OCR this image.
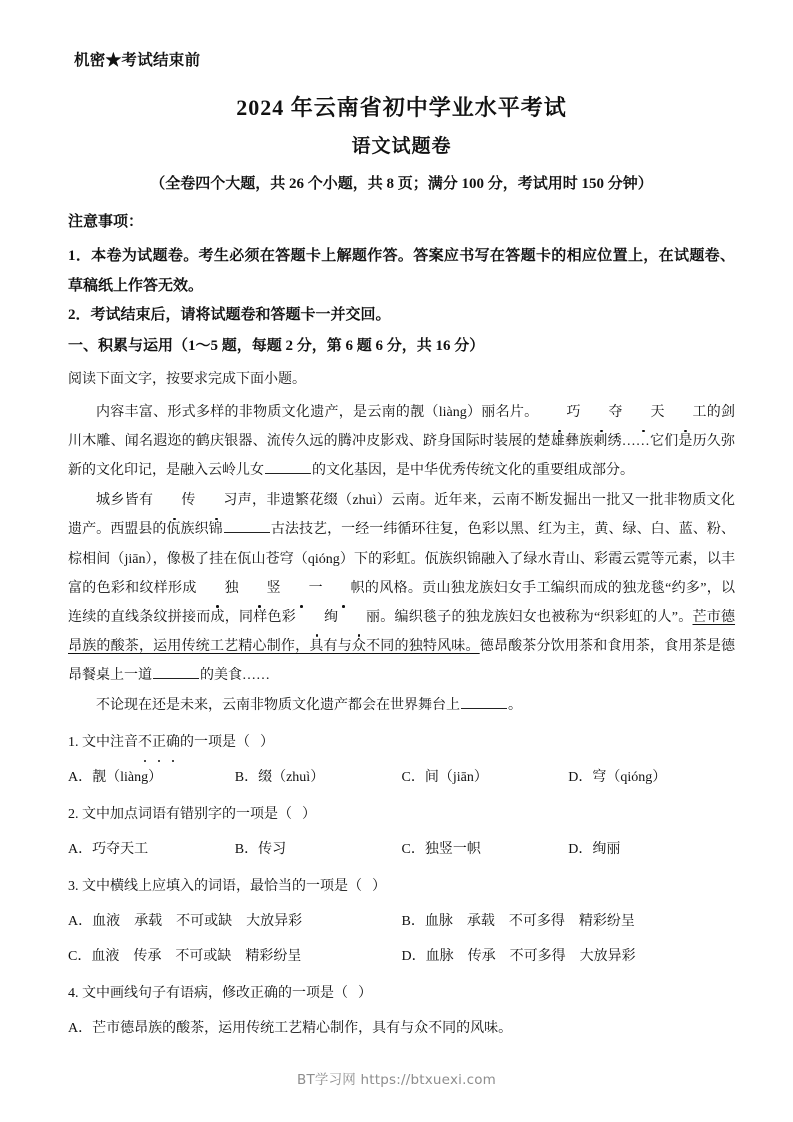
机密★考试结束前
2024 年云南省初中学业水平考试
语文试题卷
（全卷四个大题，共 26 个小题，共 8 页；满分 100 分，考试用时 150 分钟）
注意事项：

1．本卷为试题卷。考生必须在答题卡上解题作答。答案应书写在答题卡的相应位置上，在试题卷、草稿纸上作答无效。

2．考试结束后，请将试题卷和答题卡一并交回。

一、积累与运用（1～5 题，每题 2 分，第 6 题 6 分，共 16 分）
阅读下面文字，按要求完成下面小题。

内容丰富、形式多样的非物质文化遗产，是云南的靓（liàng）丽名片。 巧 夺 天 工的剑川木雕、闻名遐迩的鹤庆银器、流传久远的腾冲皮影戏、跻身国际时装展的楚雄彝族刺绣……它们是历久弥新的文化印记，是融入云岭儿女	的文化基因，是中华优秀传统文化的重要组成部分。

城乡皆有 传 习声，非遗繁花缀（zhuì）云南。近年来，云南不断发掘出一批又一批非物质文化遗产。西盟县的佤族织锦	古法技艺，一经一纬循环往复，色彩以黑、红为主，黄、绿、白、蓝、粉、棕相间（jiān），像极了挂在佤山苍穹（qióng）下的彩虹。佤族织锦融入了绿水青山、彩霞云霓等元素，以丰富的色彩和纹样形成 独 竖 一 帜的风格。贡山独龙族妇女手工编织而成的独龙毯“约多”，以连续的直线条纹拼接而成，同样色彩 绚 丽。编织毯子的独龙族妇女也被称为“织彩虹的人”。芒市德昂族的酸茶，运用传统工艺精心制作，具有与众不同的独特风味。德昂酸茶分饮用茶和食用茶，食用茶是德昂餐桌上一道	的美食……

不论现在还是未来，云南非物质文化遗产都会在世界舞台上	。

1. 文中注音不正确的一项是（ ）
A．靓（liàng）	B．缀（zhuì）	C．间（jiān）	D．穹（qióng）
2. 文中加点词语有错别字的一项是（ ）
A．巧夺天工	B．传习	C．独竖一帜	D．绚丽
3. 文中横线上应填入的词语，最恰当的一项是（ ）
A．血液　承载　不可或缺　大放异彩	B．血脉　承载　不可多得　精彩纷呈
C．血液　传承　不可或缺　精彩纷呈	D．血脉　传承　不可多得　大放异彩
4. 文中画线句子有语病，修改正确的一项是（ ）
A．芒市德昂族的酸茶，运用传统工艺精心制作，具有与众不同的风味。
BT学习网 https://btxuexi.com
